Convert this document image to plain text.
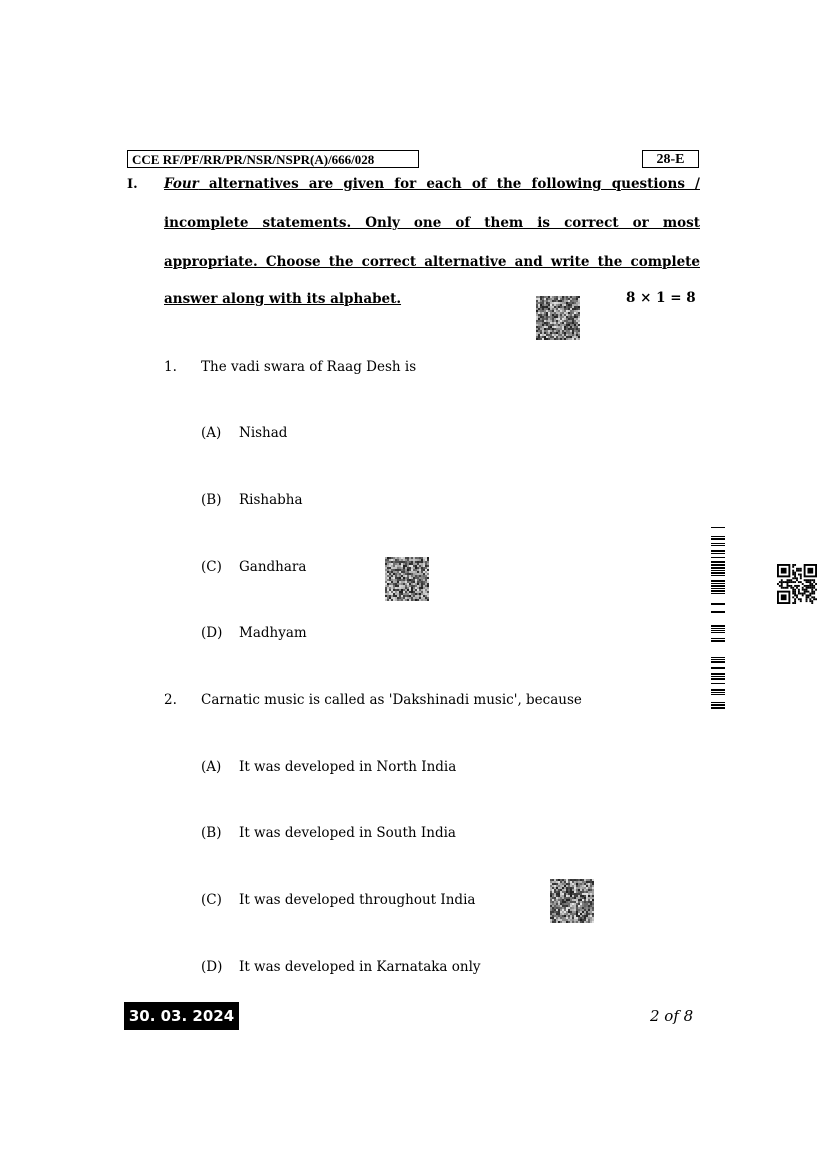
CCE RF/PF/RR/PR/NSR/NSPR(A)/666/028	28-E
I. Four alternatives are given for each of the following questions /
incomplete statements. Only one of them is correct or most
appropriate. Choose the correct alternative and write the complete
answer along with its alphabet.	8 × 1 = 8
1. The vadi swara of Raag Desh is
(A) Nishad
(B) Rishabha
(C) Gandhara
(D) Madhyam
2. Carnatic music is called as 'Dakshinadi music', because
(A) It was developed in North India
(B) It was developed in South India
(C) It was developed throughout India
(D) It was developed in Karnataka only
30. 03. 2024	2 of 8
